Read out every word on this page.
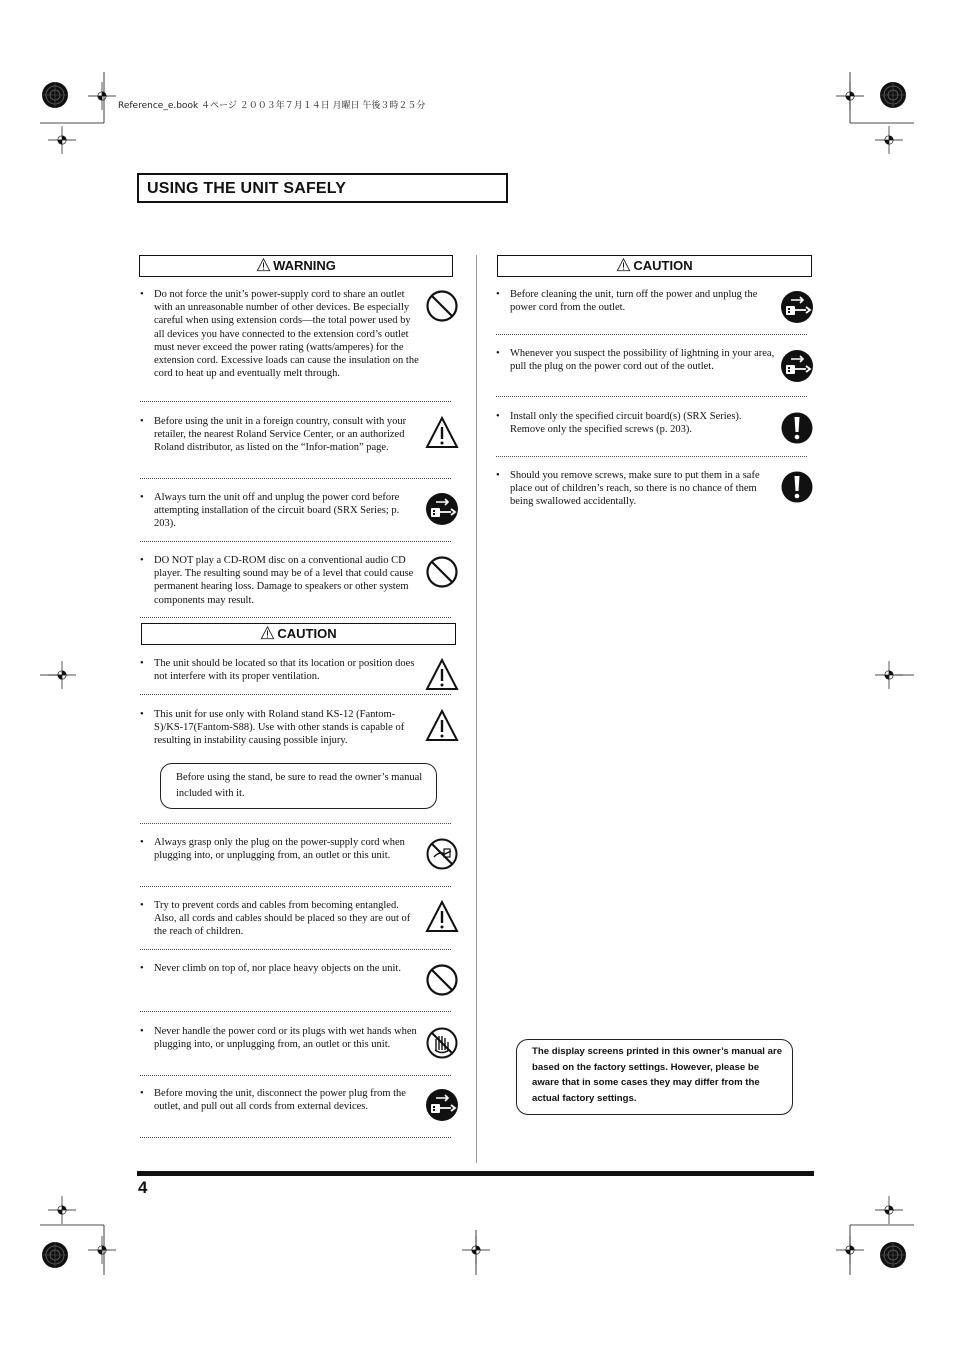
Reference_e.book ４ページ ２００３年７月１４日 月曜日 午後３時２５分
USING THE UNIT SAFELY
WARNING
• Do not force the unit’s power-supply cord to share an outlet with an unreasonable number of other devices. Be especially careful when using extension cords—the total power used by all devices you have connected to the extension cord’s outlet must never exceed the power rating (watts/amperes) for the extension cord. Excessive loads can cause the insulation on the cord to heat up and eventually melt through.
• Before using the unit in a foreign country, consult with your retailer, the nearest Roland Service Center, or an authorized Roland distributor, as listed on the “Infor-mation” page.
• Always turn the unit off and unplug the power cord before attempting installation of the circuit board (SRX Series; p. 203).
• DO NOT play a CD-ROM disc on a conventional audio CD player. The resulting sound may be of a level that could cause permanent hearing loss. Damage to speakers or other system components may result.
CAUTION
• The unit should be located so that its location or position does not interfere with its proper ventilation.
• This unit for use only with Roland stand KS-12 (Fantom-S)/KS-17(Fantom-S88). Use with other stands is capable of resulting in instability causing possible injury.
Before using the stand, be sure to read the owner’s manual included with it.
• Always grasp only the plug on the power-supply cord when plugging into, or unplugging from, an outlet or this unit.
• Try to prevent cords and cables from becoming entangled. Also, all cords and cables should be placed so they are out of the reach of children.
• Never climb on top of, nor place heavy objects on the unit.
• Never handle the power cord or its plugs with wet hands when plugging into, or unplugging from, an outlet or this unit.
• Before moving the unit, disconnect the power plug from the outlet, and pull out all cords from external devices.
CAUTION
• Before cleaning the unit, turn off the power and unplug the power cord from the outlet.
• Whenever you suspect the possibility of lightning in your area, pull the plug on the power cord out of the outlet.
• Install only the specified circuit board(s) (SRX Series). Remove only the specified screws (p. 203).
• Should you remove screws, make sure to put them in a safe place out of children’s reach, so there is no chance of them being swallowed accidentally.
The display screens printed in this owner’s manual are based on the factory settings. However, please be aware that in some cases they may differ from the actual factory settings.
4
